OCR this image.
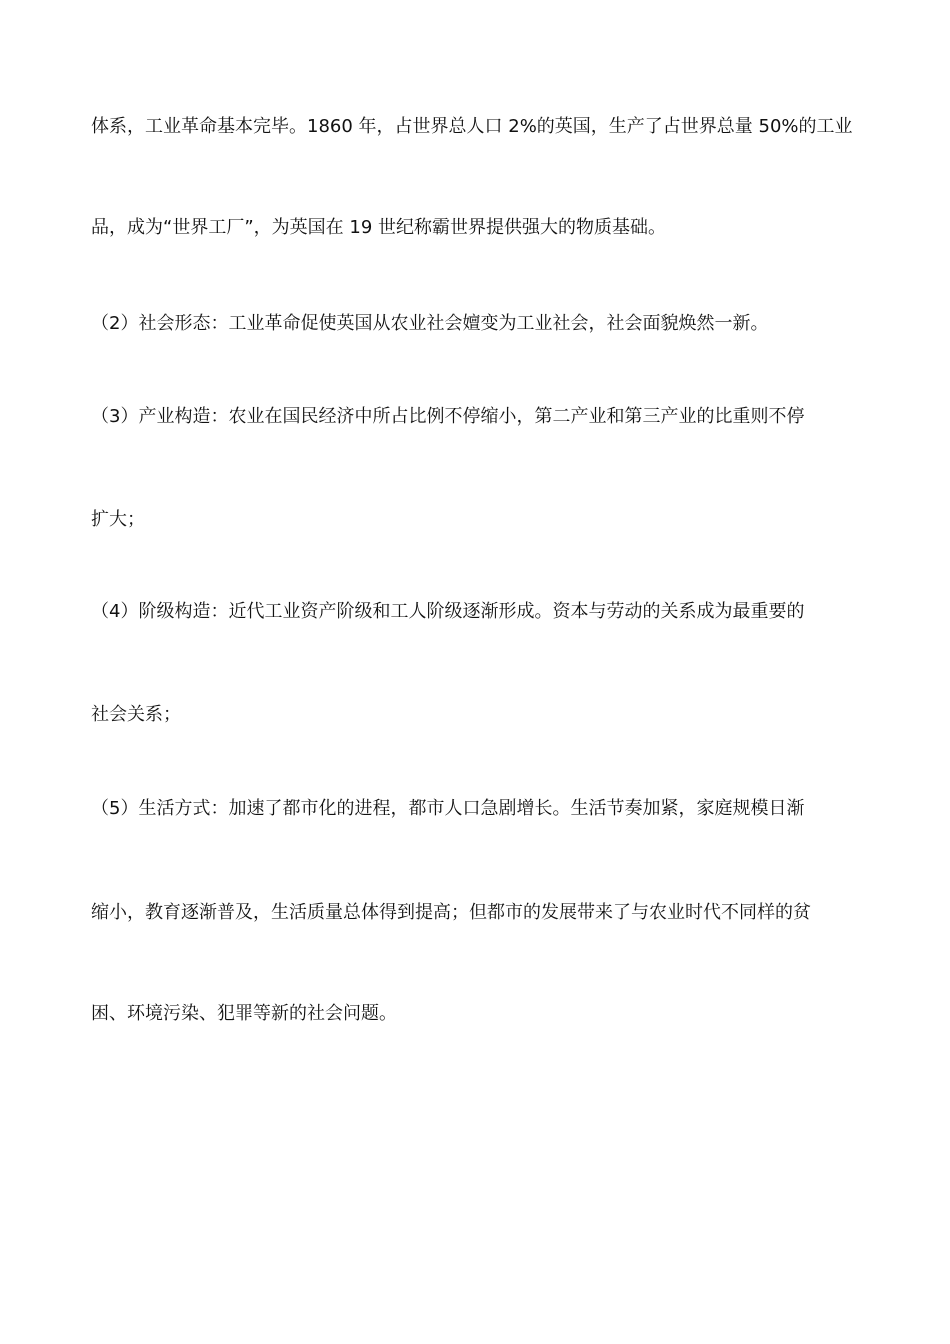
体系，工业革命基本完毕。1860 年，占世界总人口 2%的英国，生产了占世界总量 50%的工业
品，成为“世界工厂”，为英国在 19 世纪称霸世界提供强大的物质基础。
（2）社会形态：工业革命促使英国从农业社会嬗变为工业社会，社会面貌焕然一新。
（3）产业构造：农业在国民经济中所占比例不停缩小，第二产业和第三产业的比重则不停
扩大；
（4）阶级构造：近代工业资产阶级和工人阶级逐渐形成。资本与劳动的关系成为最重要的
社会关系；
（5）生活方式：加速了都市化的进程，都市人口急剧增长。生活节奏加紧，家庭规模日渐
缩小，教育逐渐普及，生活质量总体得到提高；但都市的发展带来了与农业时代不同样的贫
困、环境污染、犯罪等新的社会问题。
